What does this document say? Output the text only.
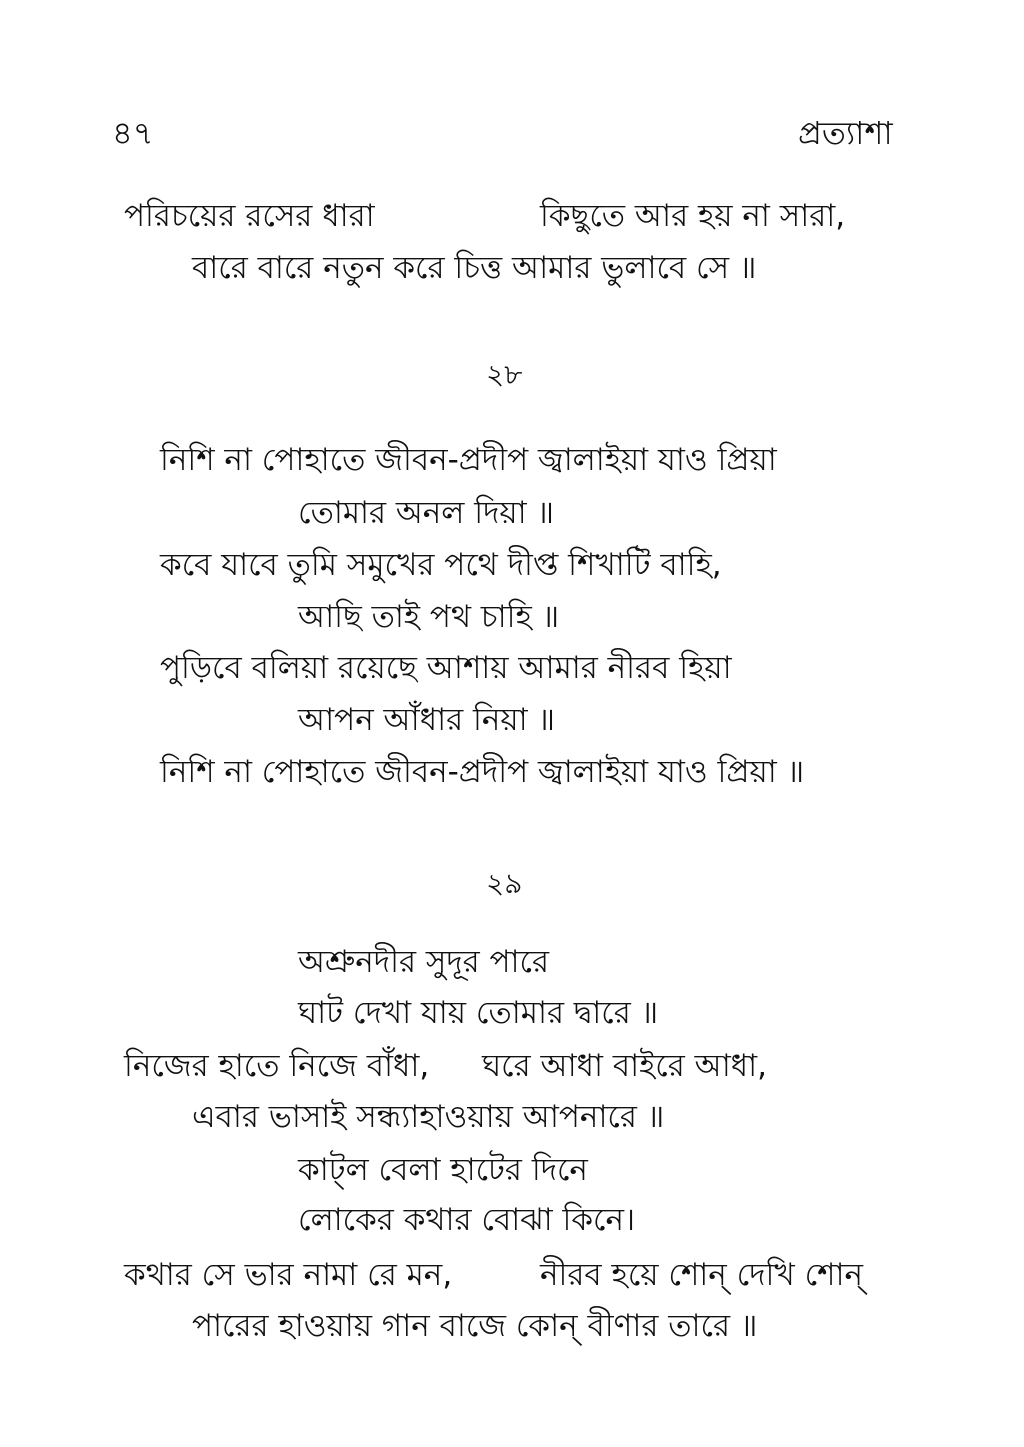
৪৭	প্রত্যাশা
পরিচয়ের রসের ধারা	কিছুতে আর হয় না সারা,
বারে বারে নতুন করে চিত্ত আমার ভুলাবে সে ॥
২৮
নিশি না পোহাতে জীবন-প্রদীপ জ্বালাইয়া যাও প্রিয়া
তোমার অনল দিয়া ॥
কবে যাবে তুমি সমুখের পথে দীপ্ত শিখাটি বাহি,
আছি তাই পথ চাহি ॥
পুড়িবে বলিয়া রয়েছে আশায় আমার নীরব হিয়া
আপন আঁধার নিয়া ॥
নিশি না পোহাতে জীবন-প্রদীপ জ্বালাইয়া যাও প্রিয়া ॥
২৯
অশ্রুনদীর সুদূর পারে
ঘাট দেখা যায় তোমার দ্বারে ॥
নিজের হাতে নিজে বাঁধা, ঘরে আধা বাইরে আধা,
এবার ভাসাই সন্ধ্যাহাওয়ায় আপনারে ॥
কাট্‌ল বেলা হাটের দিনে
লোকের কথার বোঝা কিনে।
কথার সে ভার নামা রে মন,	নীরব হয়ে শোন্‌ দেখি শোন্‌
পারের হাওয়ায় গান বাজে কোন্‌ বীণার তারে ॥
